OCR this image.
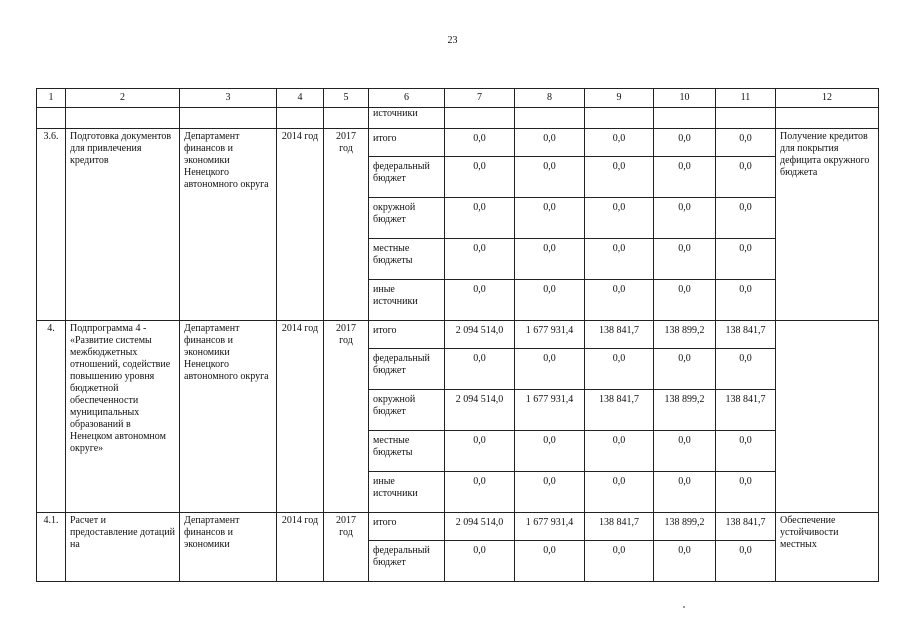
23
1	2	3	4	5	6	7	8	9	10	11	12
					источники						
3.6.	Подготовка документов для привлечения кредитов	Департамент финансов и экономики Ненецкого автономного округа	2014 год	2017 год	итого	0,0	0,0	0,0	0,0	0,0	Получение кредитов для покрытия дефицита окружного бюджета
					федеральный бюджет	0,0	0,0	0,0	0,0	0,0	
					окружной бюджет	0,0	0,0	0,0	0,0	0,0	
					местные бюджеты	0,0	0,0	0,0	0,0	0,0	
					иные источники	0,0	0,0	0,0	0,0	0,0	
4.	Подпрограмма 4 - «Развитие системы межбюджетных отношений, содействие повышению уровня бюджетной обеспеченности муниципальных образований в Ненецком автономном округе»	Департамент финансов и экономики Ненецкого автономного округа	2014 год	2017 год	итого	2 094 514,0	1 677 931,4	138 841,7	138 899,2	138 841,7	
					федеральный бюджет	0,0	0,0	0,0	0,0	0,0	
					окружной бюджет	2 094 514,0	1 677 931,4	138 841,7	138 899,2	138 841,7	
					местные бюджеты	0,0	0,0	0,0	0,0	0,0	
					иные источники	0,0	0,0	0,0	0,0	0,0	
4.1.	Расчет и предоставление дотаций на	Департамент финансов и экономики	2014 год	2017 год	итого	2 094 514,0	1 677 931,4	138 841,7	138 899,2	138 841,7	Обеспечение устойчивости местных
					федеральный бюджет	0,0	0,0	0,0	0,0	0,0	
